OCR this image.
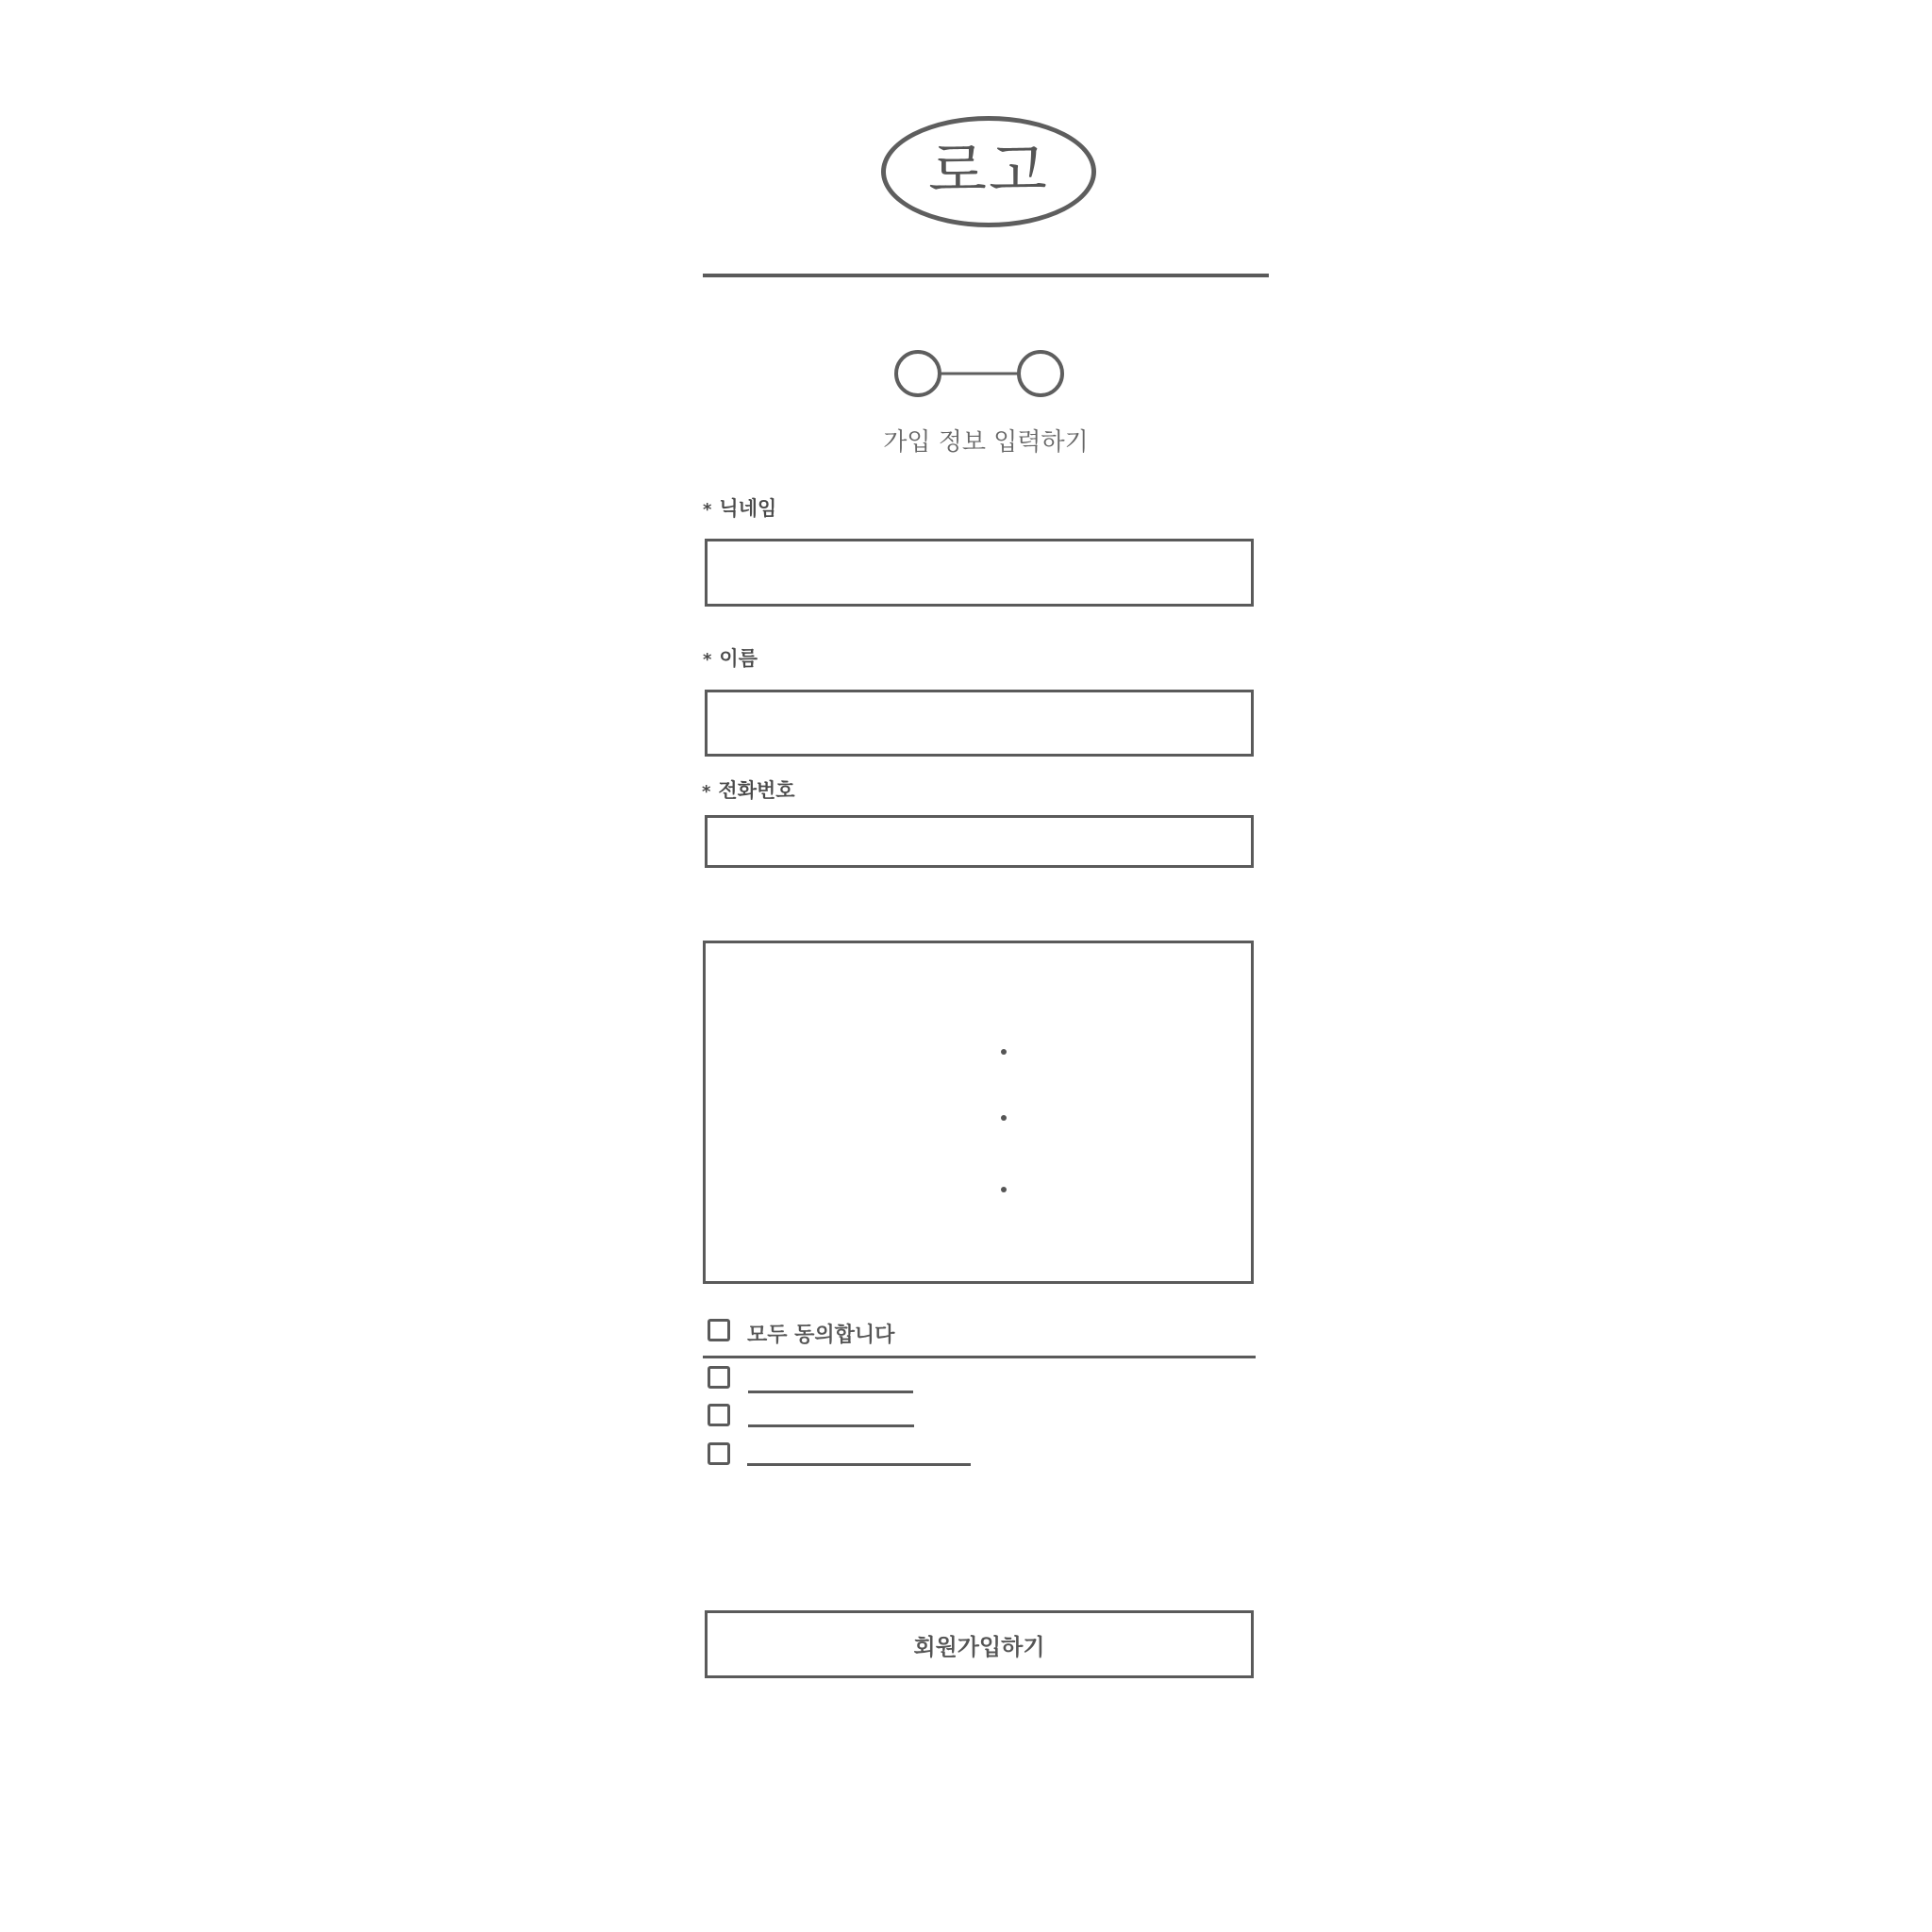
로고
가입 정보 입력하기
* 닉네임
* 이름
* 전화번호
모두 동의합니다
회원가입하기
